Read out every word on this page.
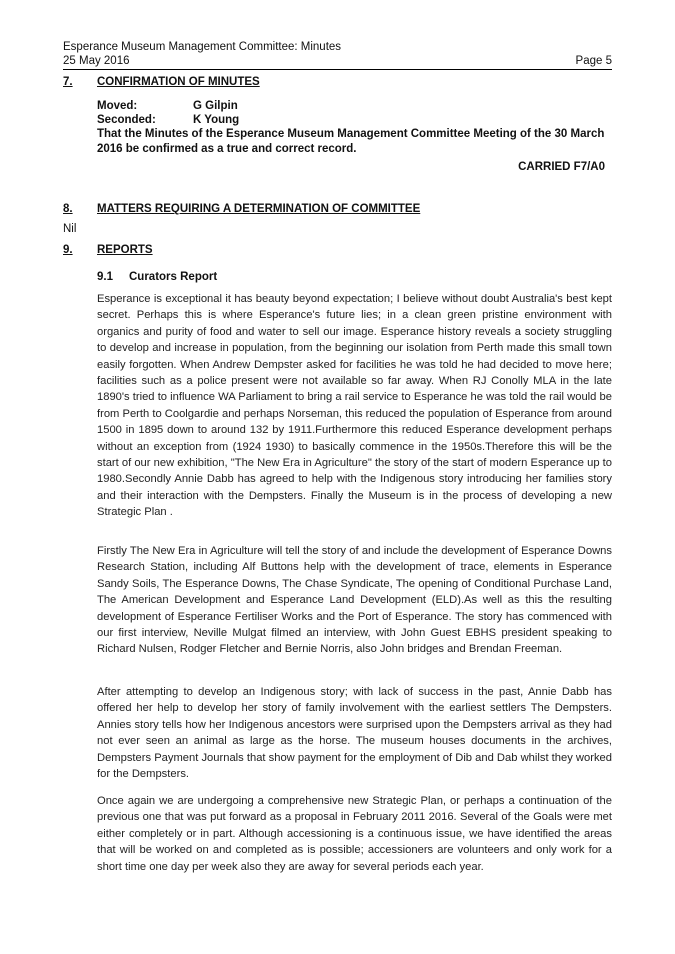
Esperance Museum Management Committee: Minutes
25 May 2016	Page 5
7.	CONFIRMATION OF MINUTES
Moved:	G Gilpin
Seconded:	K Young
That the Minutes of the Esperance Museum Management Committee Meeting of the 30 March 2016 be confirmed as a true and correct record.
CARRIED F7/A0
8.	MATTERS REQUIRING A DETERMINATION OF COMMITTEE
Nil
9.	REPORTS
9.1 Curators Report
Esperance is exceptional it has beauty beyond expectation; I believe without doubt Australia's best kept secret. Perhaps this is where Esperance's future lies; in a clean green pristine environment with organics and purity of food and water to sell our image. Esperance history reveals a society struggling to develop and increase in population, from the beginning our isolation from Perth made this small town easily forgotten. When Andrew Dempster asked for facilities he was told he had decided to move here; facilities such as a police present were not available so far away. When RJ Conolly MLA in the late 1890's tried to influence WA Parliament to bring a rail service to Esperance he was told the rail would be from Perth to Coolgardie and perhaps Norseman, this reduced the population of Esperance from around 1500 in 1895 down to around 132 by 1911.Furthermore this reduced Esperance development perhaps without an exception from (1924 1930) to basically commence in the 1950s.Therefore this will be the start of our new exhibition, "The New Era in Agriculture" the story of the start of modern Esperance up to 1980.Secondly Annie Dabb has agreed to help with the Indigenous story introducing her families story and their interaction with the Dempsters. Finally the Museum is in the process of developing a new Strategic Plan .
Firstly The New Era in Agriculture will tell the story of and include the development of Esperance Downs Research Station, including Alf Buttons help with the development of trace, elements in Esperance Sandy Soils, The Esperance Downs, The Chase Syndicate, The opening of Conditional Purchase Land, The American Development and Esperance Land Development (ELD).As well as this the resulting development of Esperance Fertiliser Works and the Port of Esperance. The story has commenced with our first interview, Neville Mulgat filmed an interview, with John Guest EBHS president speaking to Richard Nulsen, Rodger Fletcher and Bernie Norris, also John bridges and Brendan Freeman.
After attempting to develop an Indigenous story; with lack of success in the past, Annie Dabb has offered her help to develop her story of family involvement with the earliest settlers The Dempsters. Annies story tells how her Indigenous ancestors were surprised upon the Dempsters arrival as they had not ever seen an animal as large as the horse. The museum houses documents in the archives, Dempsters Payment Journals that show payment for the employment of Dib and Dab whilst they worked for the Dempsters.
Once again we are undergoing a comprehensive new Strategic Plan, or perhaps a continuation of the previous one that was put forward as a proposal in February 2011 2016. Several of the Goals were met either completely or in part. Although accessioning is a continuous issue, we have identified the areas that will be worked on and completed as is possible; accessioners are volunteers and only work for a short time one day per week also they are away for several periods each year.
